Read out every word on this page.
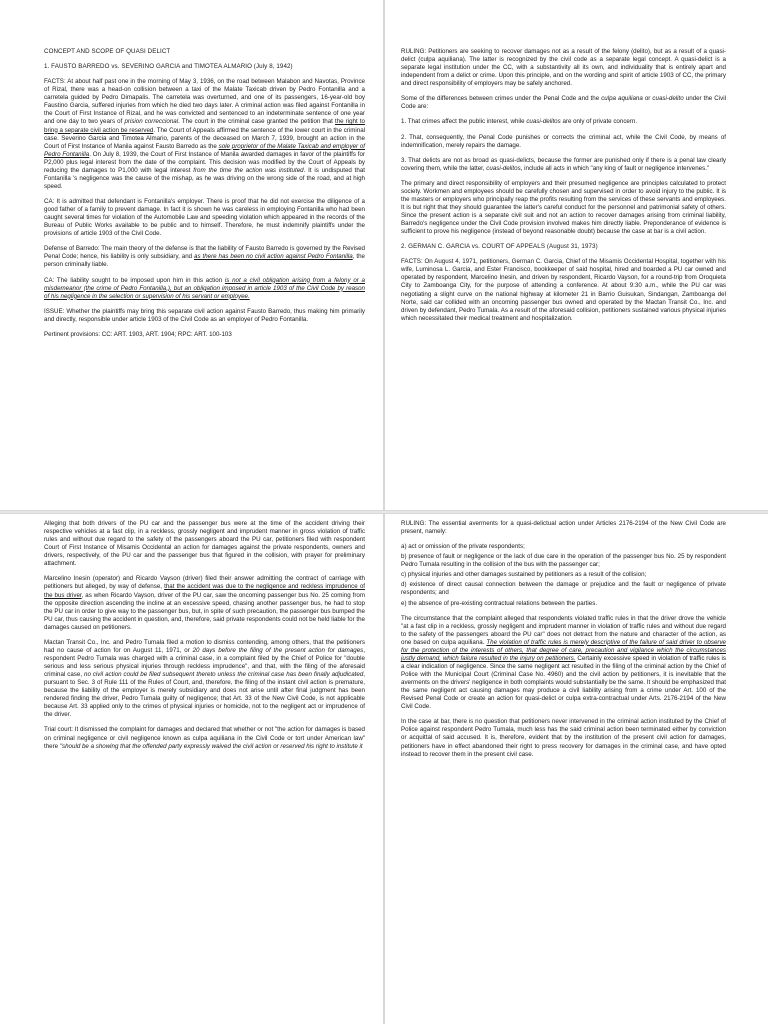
CONCEPT AND SCOPE OF QUASI DELICT

1. FAUSTO BARREDO vs. SEVERINO GARCIA and TIMOTEA ALMARIO (July 8, 1942)

FACTS: At about half past one in the morning of May 3, 1936, on the road between Malabon and Navotas, Province of Rizal, there was a head-on collision between a taxi of the Malate Taxicab driven by Pedro Fontanilla and a carretela guided by Pedro Dimapalis. The carretela was overturned, and one of its passengers, 16-year-old boy Faustino Garcia, suffered injuries from which he died two days later. A criminal action was filed against Fontanilla in the Court of First Instance of Rizal, and he was convicted and sentenced to an indeterminate sentence of one year and one day to two years of prision correccional. The court in the criminal case granted the petition that the right to bring a separate civil action be reserved. The Court of Appeals affirmed the sentence of the lower court in the criminal case. Severino Garcia and Timotea Almario, parents of the deceased on March 7, 1939, brought an action in the Court of First Instance of Manila against Fausto Barredo as the sole proprietor of the Malate Taxicab and employer of Pedro Fontanilla. On July 8, 1939, the Court of First Instance of Manila awarded damages in favor of the plaintiffs for P2,000 plus legal interest from the date of the complaint. This decision was modified by the Court of Appeals by reducing the damages to P1,000 with legal interest from the time the action was instituted. It is undisputed that Fontanilla 's negligence was the cause of the mishap, as he was driving on the wrong side of the road, and at high speed.

CA: It is admitted that defendant is Fontanilla's employer. There is proof that he did not exercise the diligence of a good father of a family to prevent damage. In fact it is shown he was careless in employing Fontanilla who had been caught several times for violation of the Automobile Law and speeding violation which appeared in the records of the Bureau of Public Works available to be public and to himself. Therefore, he must indemnify plaintiffs under the provisions of article 1903 of the Civil Code.

Defense of Barredo: The main theory of the defense is that the liability of Fausto Barredo is governed by the Revised Penal Code; hence, his liability is only subsidiary, and as there has been no civil action against Pedro Fontanilla, the person criminally liable.

CA: The liability sought to be imposed upon him in this action is not a civil obligation arising from a felony or a misdemeanor (the crime of Pedro Fontanilla,), but an obligation imposed in article 1903 of the Civil Code by reason of his negligence in the selection or supervision of his servant or employee.

ISSUE: Whether the plaintiffs may bring this separate civil action against Fausto Barredo, thus making him primarily and directly, responsible under article 1903 of the Civil Code as an employer of Pedro Fontanilla.

Pertinent provisions: CC: ART. 1903, ART. 1904; RPC: ART. 100-103

RULING: Petitioners are seeking to recover damages not as a result of the felony (delito), but as a result of a quasi-delict (culpa aquiliana). The latter is recognized by the civil code as a separate legal concept. A quasi-delict is a separate legal institution under the CC, with a substantivity all its own, and individuality that is entirely apart and independent from a delict or crime. Upon this principle, and on the wording and spirit of article 1903 of CC, the primary and direct responsibility of employers may be safely anchored.

Some of the differences between crimes under the Penal Code and the culpa aquiliana or cuasi-delito under the Civil Code are:

1. That crimes affect the public interest, while cuasi-delitos are only of private concern.

2. That, consequently, the Penal Code punishes or corrects the criminal act, while the Civil Code, by means of indemnification, merely repairs the damage.

3. That delicts are not as broad as quasi-delicts, because the former are punished only if there is a penal law clearly covering them, while the latter, cuasi-delitos, include all acts in which "any king of fault or negligence intervenes."

The primary and direct responsibility of employers and their presumed negligence are principles calculated to protect society. Workmen and employees should be carefully chosen and supervised in order to avoid injury to the public. It is the masters or employers who principally reap the profits resulting from the services of these servants and employees. It is but right that they should guarantee the latter's careful conduct for the personnel and patrimonial safety of others. Since the present action is a separate civil suit and not an action to recover damages arising from criminal liability, Barredo's negligence under the Civil Code provision involved makes him directly liable. Preponderance of evidence is sufficient to prove his negligence (instead of beyond reasonable doubt) because the case at bar is a civil action.

2. GERMAN C. GARCIA vs. COURT OF APPEALS (August 31, 1973)

FACTS: On August 4, 1971, petitioners, German C. Garcia, Chief of the Misamis Occidental Hospital, together with his wife, Luminosa L. Garcia, and Ester Francisco, bookkeeper of said hospital, hired and boarded a PU car owned and operated by respondent, Marcelino Inesin, and driven by respondent, Ricardo Vayson, for a round-trip from Oroquieta City to Zamboanga City, for the purpose of attending a conference. At about 9:30 a.m., while the PU car was negotiating a slight curve on the national highway at kilometer 21 in Barrio Guisukan, Sindangan, Zamboanga del Norte, said car collided with an oncoming passenger bus owned and operated by the Mactan Transit Co., Inc. and driven by defendant, Pedro Tumala. As a result of the aforesaid collision, petitioners sustained various physical injuries which necessitated their medical treatment and hospitalization.

Alleging that both drivers of the PU car and the passenger bus were at the time of the accident driving their respective vehicles at a fast clip, in a reckless, grossly negligent and imprudent manner in gross violation of traffic rules and without due regard to the safety of the passengers aboard the PU car, petitioners filed with respondent Court of First Instance of Misamis Occidental an action for damages against the private respondents, owners and drivers, respectively, of the PU car and the passenger bus that figured in the collision, with prayer for preliminary attachment.

Marcelino Inesin (operator) and Ricardo Vayson (driver) filed their answer admitting the contract of carriage with petitioners but alleged, by way of defense, that the accident was due to the negligence and reckless imprudence of the bus driver, as when Ricardo Vayson, driver of the PU car, saw the oncoming passenger bus No. 25 coming from the opposite direction ascending the incline at an excessive speed, chasing another passenger bus, he had to stop the PU car in order to give way to the passenger bus, but, in spite of such precaution, the passenger bus bumped the PU car, thus causing the accident in question, and, therefore, said private respondents could not be held liable for the damages caused on petitioners.

Mactan Transit Co., Inc. and Pedro Tumala filed a motion to dismiss contending, among others, that the petitioners had no cause of action for on August 11, 1971, or 20 days before the filing of the present action for damages, respondent Pedro Tumala was charged with a criminal case, in a complaint filed by the Chief of Police for "double serious and less serious physical injuries through reckless imprudence", and that, with the filing of the aforesaid criminal case, no civil action could be filed subsequent thereto unless the criminal case has been finally adjudicated, pursuant to Sec. 3 of Rule 111 of the Rules of Court, and, therefore, the filing of the instant civil action is premature, because the liability of the employer is merely subsidiary and does not arise until after final judgment has been rendered finding the driver, Pedro Tumala guilty of negligence; that Art. 33 of the New Civil Code, is not applicable because Art. 33 applied only to the crimes of physical injuries or homicide, not to the negligent act or imprudence of the driver.

Trial court: It dismissed the complaint for damages and declared that whether or not "the action for damages is based on criminal negligence or civil negligence known as culpa aquiliana in the Civil Code or tort under American law" there "should be a showing that the offended party expressly waived the civil action or reserved his right to institute it

RULING: The essential averments for a quasi-delictual action under Articles 2176-2194 of the New Civil Code are present, namely:

a) act or omission of the private respondents;

b) presence of fault or negligence or the lack of due care in the operation of the passenger bus No. 25 by respondent Pedro Tumala resulting in the collision of the bus with the passenger car;

c) physical injuries and other damages sustained by petitioners as a result of the collision;

d) existence of direct causal connection between the damage or prejudice and the fault or negligence of private respondents; and

e) the absence of pre-existing contractual relations between the parties.

The circumstance that the complaint alleged that respondents violated traffic rules in that the driver drove the vehicle "at a fast clip in a reckless, grossly negligent and imprudent manner in violation of traffic rules and without due regard to the safety of the passengers aboard the PU car" does not detract from the nature and character of the action, as one based on culpa aquiliana. The violation of traffic rules is merely descriptive of the failure of said driver to observe for the protection of the interests of others, that degree of care, precaution and vigilance which the circumstances justly demand, which failure resulted in the injury on petitioners. Certainly excessive speed in violation of traffic rules is a clear indication of negligence. Since the same negligent act resulted in the filing of the criminal action by the Chief of Police with the Municipal Court (Criminal Case No. 4960) and the civil action by petitioners, it is inevitable that the averments on the drivers' negligence in both complaints would substantially be the same. It should be emphasized that the same negligent act causing damages may produce a civil liability arising from a crime under Art. 100 of the Revised Penal Code or create an action for quasi-delict or culpa extra-contractual under Arts. 2176-2194 of the New Civil Code.

In the case at bar, there is no question that petitioners never intervened in the criminal action instituted by the Chief of Police against respondent Pedro Tumala, much less has the said criminal action been terminated either by conviction or acquittal of said accused. It is, therefore, evident that by the institution of the present civil action for damages, petitioners have in effect abandoned their right to press recovery for damages in the criminal case, and have opted instead to recover them in the present civil case.
